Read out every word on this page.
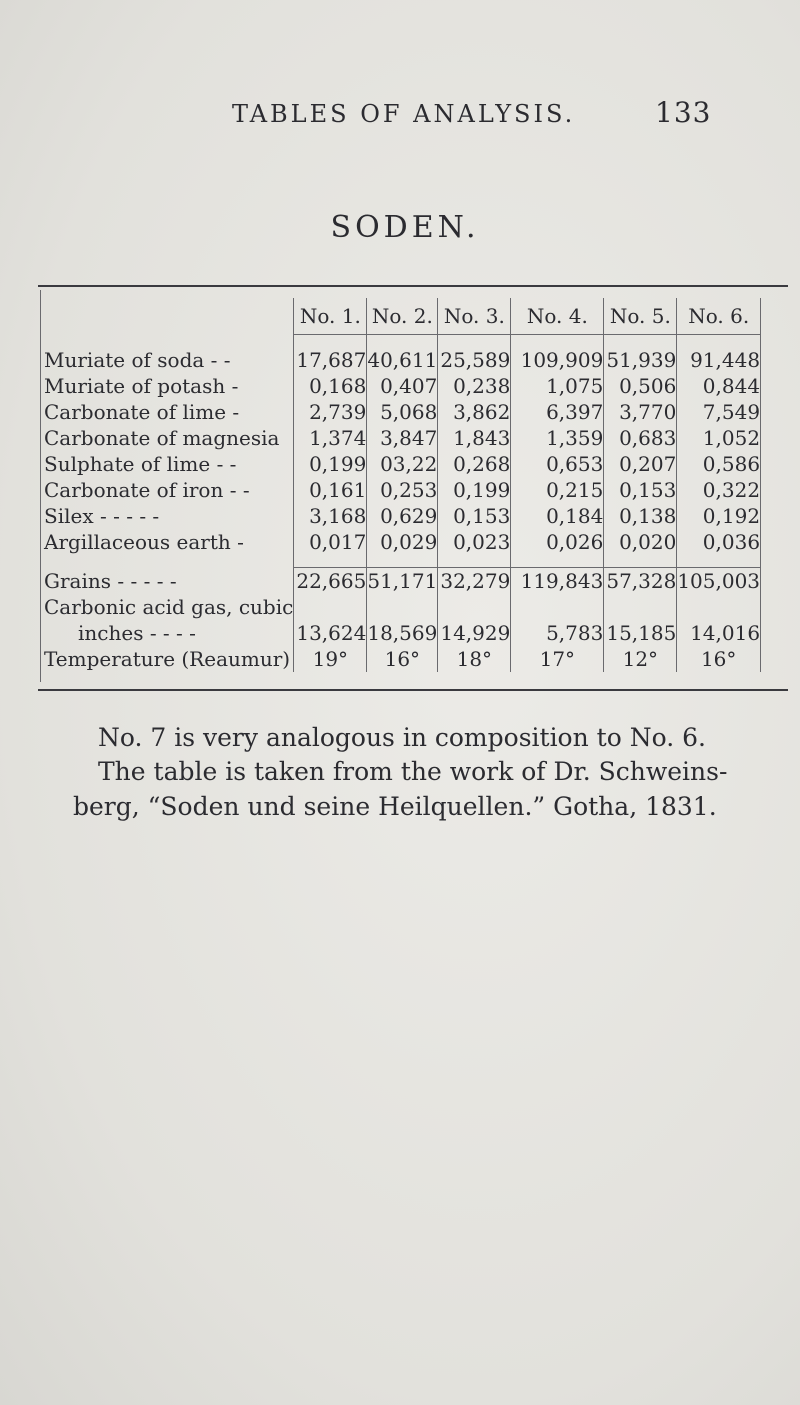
TABLES OF ANALYSIS.	133
SODEN.
	No. 1.	No. 2.	No. 3.	No. 4.	No. 5.	No. 6.

Muriate of soda - -	17,687	40,611	25,589	109,909	51,939	91,448
Muriate of potash -	0,168	0,407	0,238	1,075	0,506	0,844
Carbonate of lime -	2,739	5,068	3,862	6,397	3,770	7,549
Carbonate of magnesia	1,374	3,847	1,843	1,359	0,683	1,052
Sulphate of lime - -	0,199	03,22	0,268	0,653	0,207	0,586
Carbonate of iron - -	0,161	0,253	0,199	0,215	0,153	0,322
Silex - - - - -	3,168	0,629	0,153	0,184	0,138	0,192
Argillaceous earth -	0,017	0,029	0,023	0,026	0,020	0,036

Grains - - - - -	22,665	51,171	32,279	119,843	57,328	105,003
Carbonic acid gas, cubic						
inches - - - -	13,624	18,569	14,929	5,783	15,185	14,016
Temperature (Reaumur)	19°	16°	18°	17°	12°	16°
No. 7 is very analogous in composition to No. 6.
The table is taken from the work of Dr. Schweins-
berg, “Soden und seine Heilquellen.” Gotha, 1831.
